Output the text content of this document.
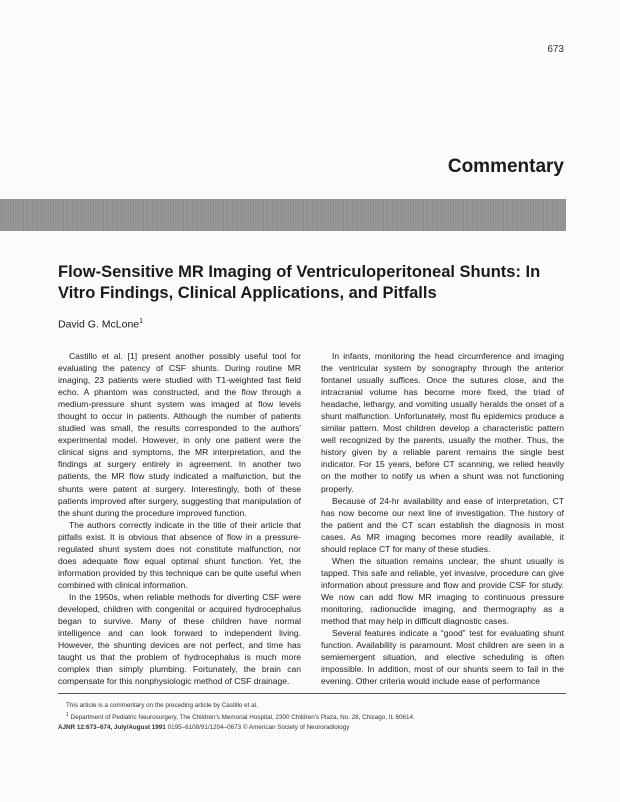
673
Commentary
Flow-Sensitive MR Imaging of Ventriculoperitoneal Shunts: In Vitro Findings, Clinical Applications, and Pitfalls
David G. McLone$^1$

Castillo et al. [1] present another possibly useful tool for evaluating the patency of CSF shunts. During routine MR imaging, 23 patients were studied with T1-weighted fast field echo. A phantom was constructed, and the flow through a medium-pressure shunt system was imaged at flow levels thought to occur in patients. Although the number of patients studied was small, the results corresponded to the authors' experimental model. However, in only one patient were the clinical signs and symptoms, the MR interpretation, and the findings at surgery entirely in agreement. In another two patients, the MR flow study indicated a malfunction, but the shunts were patent at surgery. Interestingly, both of these patients improved after surgery, suggesting that manipulation of the shunt during the procedure improved function.

The authors correctly indicate in the title of their article that pitfalls exist. It is obvious that absence of flow in a pressure-regulated shunt system does not constitute malfunction, nor does adequate flow equal optimal shunt function. Yet, the information provided by this technique can be quite useful when combined with clinical information.

In the 1950s, when reliable methods for diverting CSF were developed, children with congenital or acquired hydrocephalus began to survive. Many of these children have normal intelligence and can look forward to independent living. However, the shunting devices are not perfect, and time has taught us that the problem of hydrocephalus is much more complex than simply plumbing. Fortunately, the brain can compensate for this nonphysiologic method of CSF drainage.

In infants, monitoring the head circumference and imaging the ventricular system by sonography through the anterior fontanel usually suffices. Once the sutures close, and the intracranial volume has become more fixed, the triad of headache, lethargy, and vomiting usually heralds the onset of a shunt malfunction. Unfortunately, most flu epidemics produce a similar pattern. Most children develop a characteristic pattern well recognized by the parents, usually the mother. Thus, the history given by a reliable parent remains the single best indicator. For 15 years, before CT scanning, we relied heavily on the mother to notify us when a shunt was not functioning properly.

Because of 24-hr availability and ease of interpretation, CT has now become our next line of investigation. The history of the patient and the CT scan establish the diagnosis in most cases. As MR imaging becomes more readily available, it should replace CT for many of these studies.

When the situation remains unclear, the shunt usually is tapped. This safe and reliable, yet invasive, procedure can give information about pressure and flow and provide CSF for study. We now can add flow MR imaging to continuous pressure monitoring, radionuclide imaging, and thermography as a method that may help in difficult diagnostic cases.

Several features indicate a “good” test for evaluating shunt function. Availability is paramount. Most children are seen in a semiemergent situation, and elective scheduling is often impossible. In addition, most of our shunts seem to fail in the evening. Other criteria would include ease of performance

This article is a commentary on the preceding article by Castillo et al.
$^1$ Department of Pediatric Neurosurgery, The Children's Memorial Hospital, 2300 Children's Plaza, No. 28, Chicago, IL 60614.
AJNR 12:673–674, July/August 1991 0195–6108/91/1204–0673 © American Society of Neuroradiology
